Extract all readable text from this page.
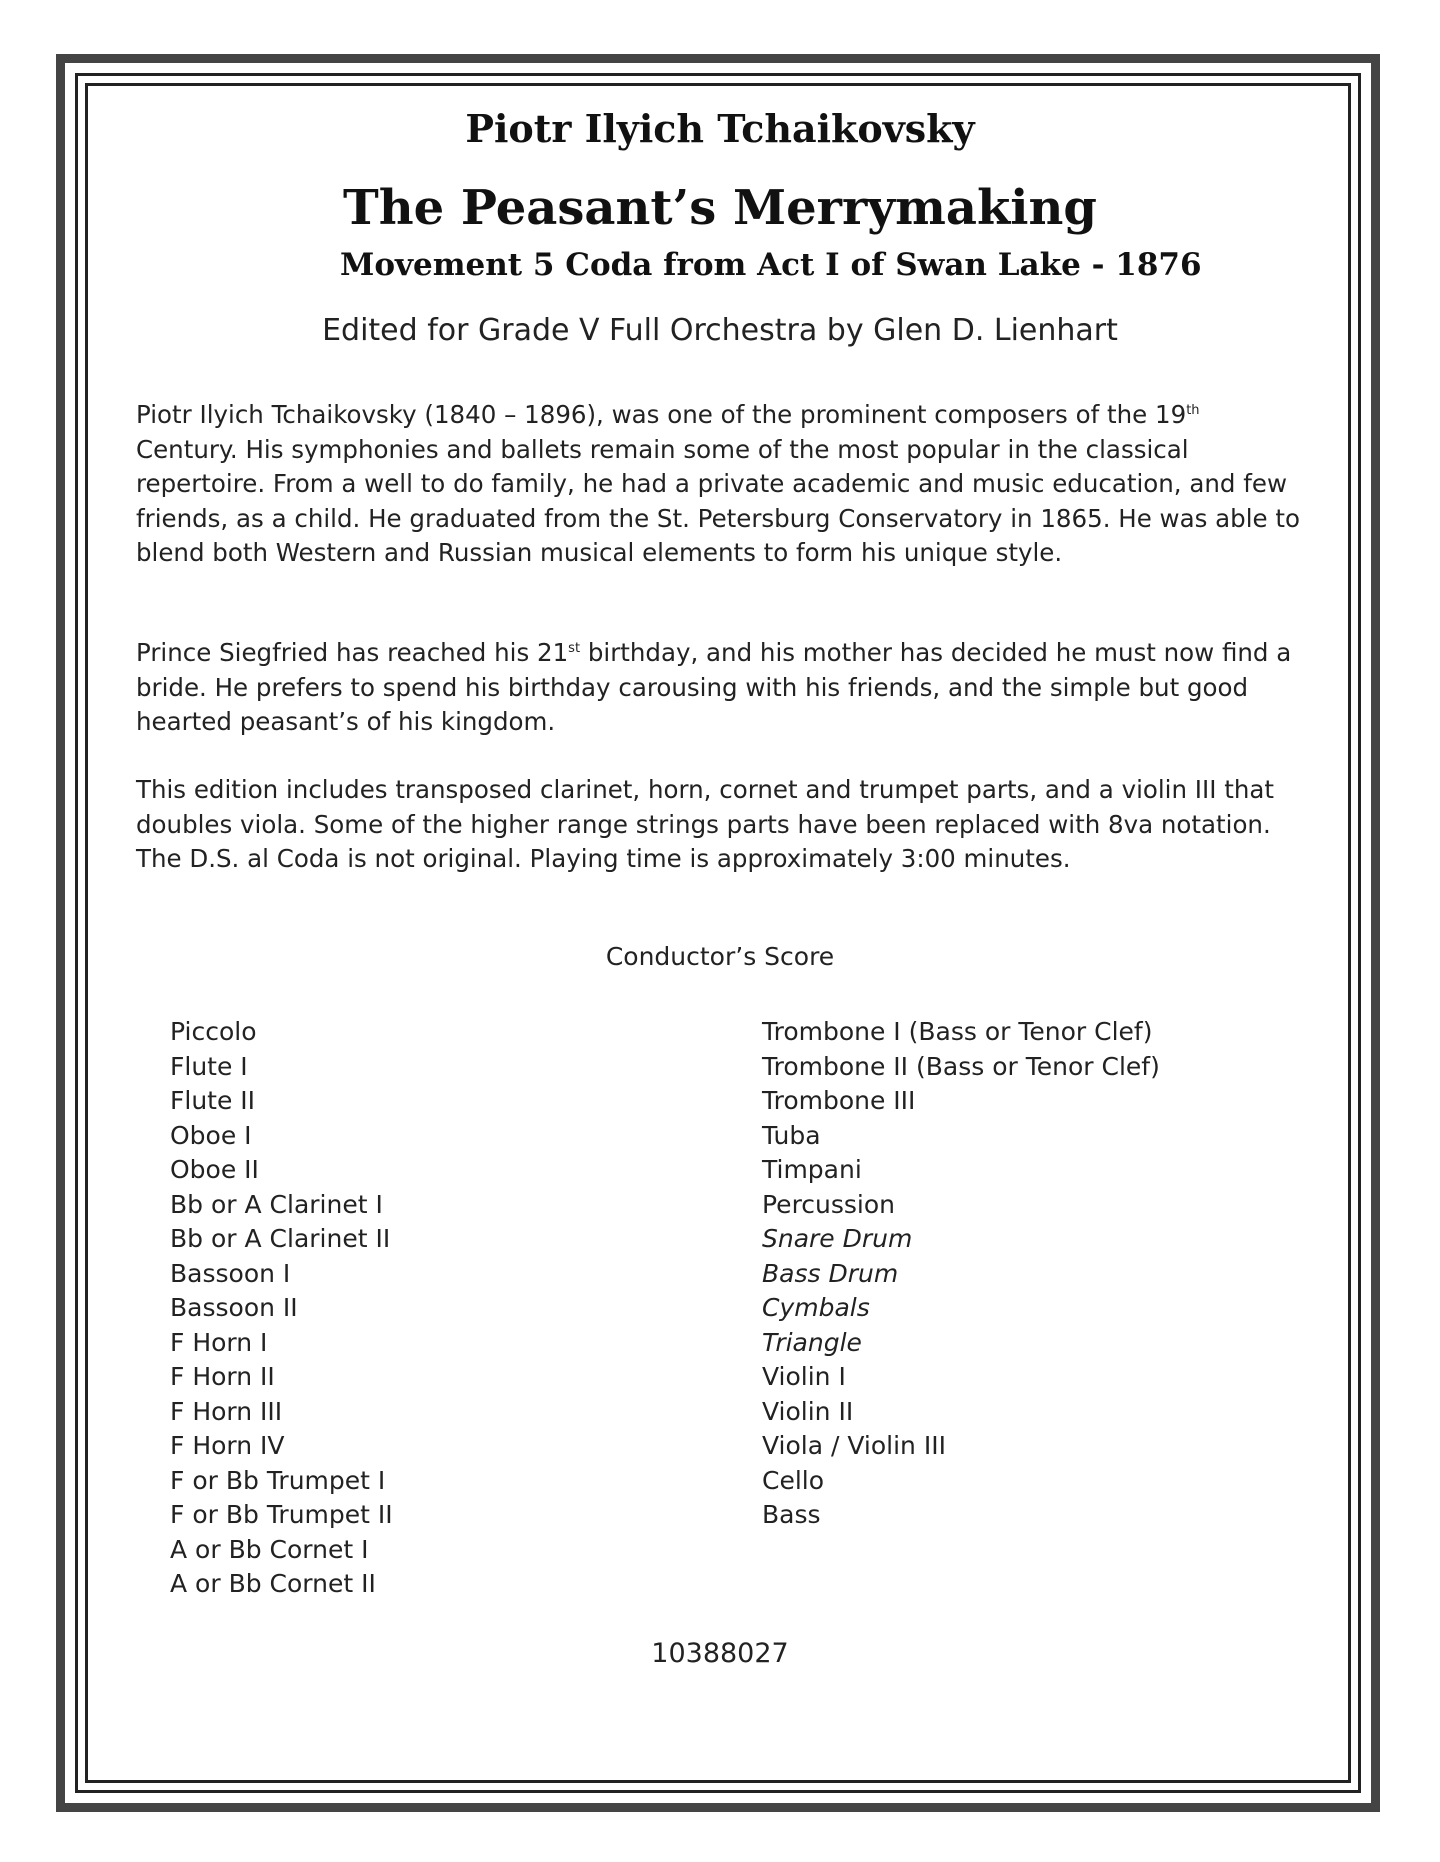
Piotr Ilyich Tchaikovsky
The Peasant’s Merrymaking
Movement 5 Coda from Act I of Swan Lake - 1876
Edited for Grade V Full Orchestra by Glen D. Lienhart

Piotr Ilyich Tchaikovsky (1840 – 1896), was one of the prominent composers of the 19th Century. His symphonies and ballets remain some of the most popular in the classical repertoire. From a well to do family, he had a private academic and music education, and few friends, as a child. He graduated from the St. Petersburg Conservatory in 1865. He was able to blend both Western and Russian musical elements to form his unique style.

Prince Siegfried has reached his 21st birthday, and his mother has decided he must now find a bride. He prefers to spend his birthday carousing with his friends, and the simple but good hearted peasant’s of his kingdom.

This edition includes transposed clarinet, horn, cornet and trumpet parts, and a violin III that doubles viola. Some of the higher range strings parts have been replaced with 8va notation. The D.S. al Coda is not original. Playing time is approximately 3:00 minutes.

Conductor’s Score
Piccolo
Flute I
Flute II
Oboe I
Oboe II
Bb or A Clarinet I
Bb or A Clarinet II
Bassoon I
Bassoon II
F Horn I
F Horn II
F Horn III
F Horn IV
F or Bb Trumpet I
F or Bb Trumpet II
A or Bb Cornet I
A or Bb Cornet II
Trombone I (Bass or Tenor Clef)
Trombone II (Bass or Tenor Clef)
Trombone III
Tuba
Timpani
Percussion
Snare Drum
Bass Drum
Cymbals
Triangle
Violin I
Violin II
Viola / Violin III
Cello
Bass
10388027
